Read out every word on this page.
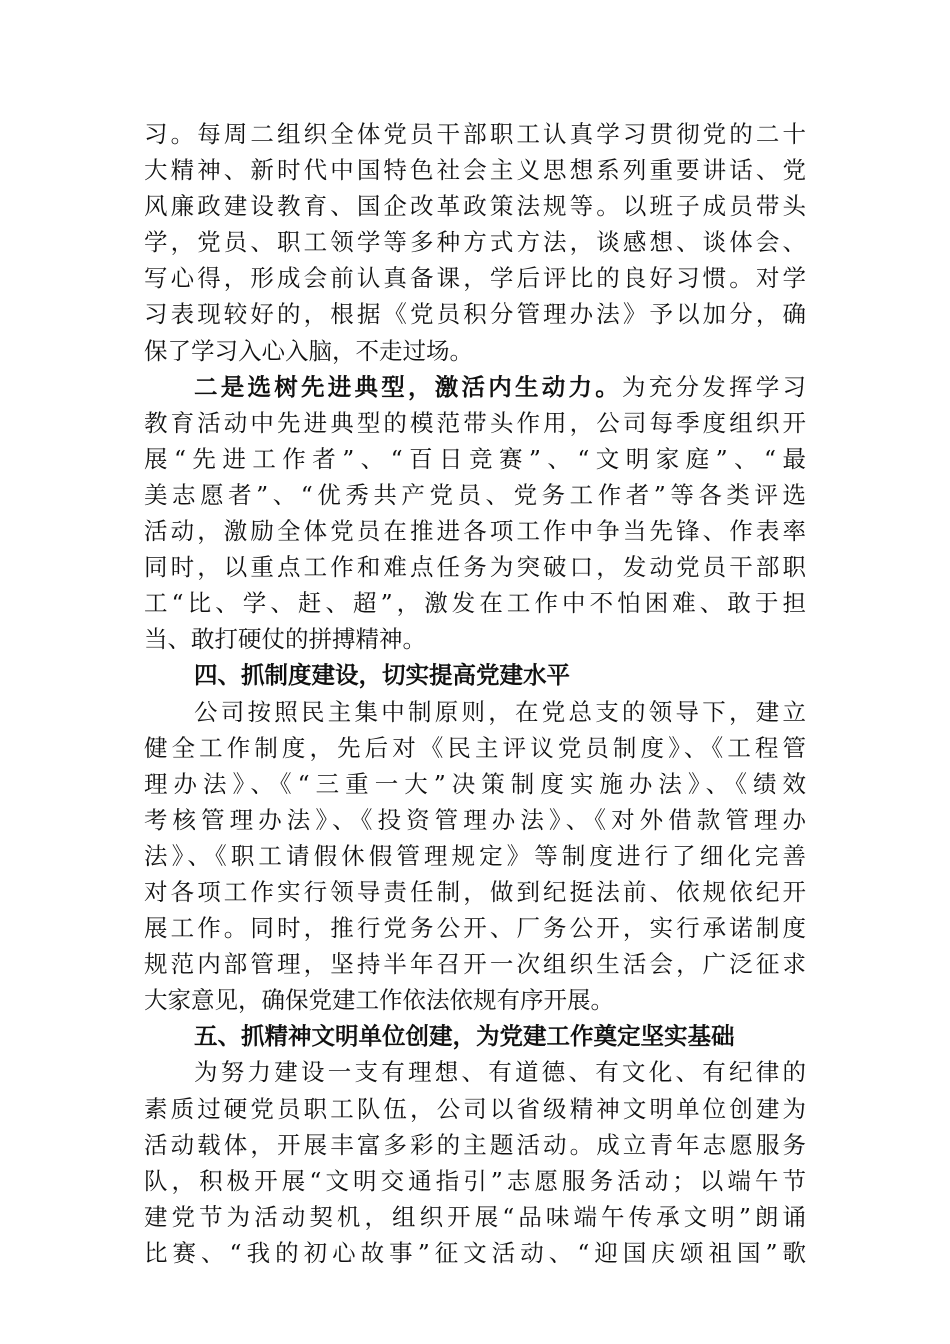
习。每周二组织全体党员干部职工认真学习贯彻党的二十
大精神、新时代中国特色社会主义思想系列重要讲话、党
风廉政建设教育、国企改革政策法规等。以班子成员带头
学，党员、职工领学等多种方式方法，谈感想、谈体会、
写心得，形成会前认真备课，学后评比的良好习惯。对学
习表现较好的，根据《党员积分管理办法》予以加分，确
保了学习入心入脑，不走过场。
二是选树先进典型，激活内生动力。为充分发挥学习
教育活动中先进典型的模范带头作用，公司每季度组织开
展“先进工作者”、“百日竞赛”、“文明家庭”、“最
美志愿者”、“优秀共产党员、党务工作者”等各类评选
活动，激励全体党员在推进各项工作中争当先锋、作表率
同时，以重点工作和难点任务为突破口，发动党员干部职
工“比、学、赶、超”，激发在工作中不怕困难、敢于担
当、敢打硬仗的拼搏精神。
四、抓制度建设，切实提高党建水平
公司按照民主集中制原则，在党总支的领导下，建立
健全工作制度，先后对《民主评议党员制度》、《工程管
理办法》、《“三重一大”决策制度实施办法》、《绩效
考核管理办法》、《投资管理办法》、《对外借款管理办
法》、《职工请假休假管理规定》等制度进行了细化完善
对各项工作实行领导责任制，做到纪挺法前、依规依纪开
展工作。同时，推行党务公开、厂务公开，实行承诺制度
规范内部管理，坚持半年召开一次组织生活会，广泛征求
大家意见，确保党建工作依法依规有序开展。
五、抓精神文明单位创建，为党建工作奠定坚实基础
为努力建设一支有理想、有道德、有文化、有纪律的
素质过硬党员职工队伍，公司以省级精神文明单位创建为
活动载体，开展丰富多彩的主题活动。成立青年志愿服务
队，积极开展“文明交通指引”志愿服务活动；以端午节
建党节为活动契机，组织开展“品味端午传承文明”朗诵
比赛、“我的初心故事”征文活动、“迎国庆颂祖国”歌
